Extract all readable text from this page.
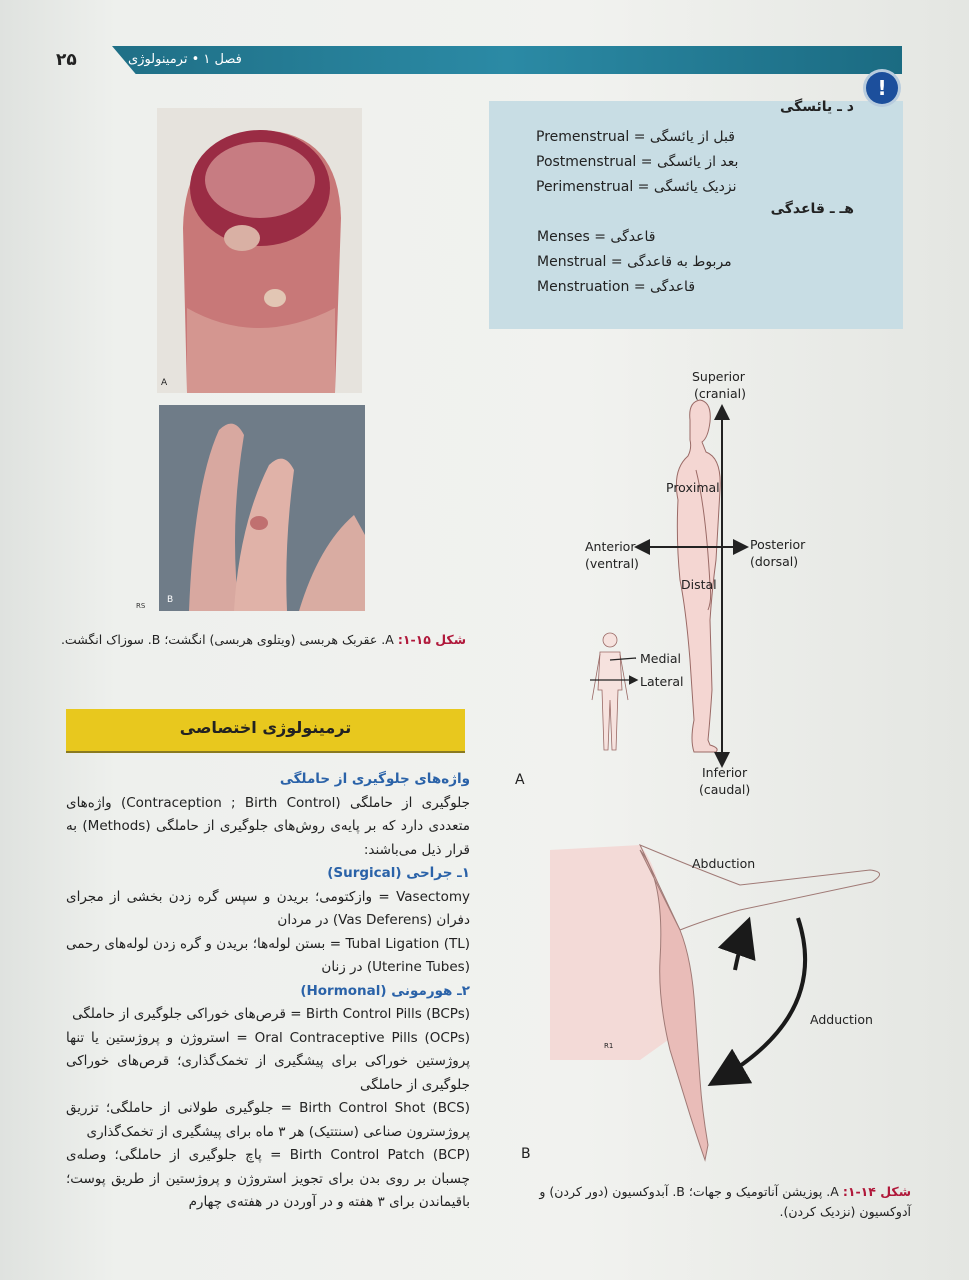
فصل ۱ • ترمینولوژی
۲۵
!
د ـ یائسگی
Premenstrual = قبل از یائسگی
Postmenstrual = بعد از یائسگی
Perimenstrual = نزدیک یائسگی
هـ ـ قاعدگی
Menses = قاعدگی
Menstrual = مربوط به قاعدگی
Menstruation = قاعدگی
A
B
RS
شکل ۱۵-۱: A. عقربک هربسی (ویتلوی هربسی) انگشت؛ B. سوزاک انگشت.
ترمینولوژی اختصاصی

واژه‌های جلوگیری از حاملگی

جلوگیری از حاملگی (Contraception ; Birth Control) واژه‌های متعددی دارد که بر پایه‌ی روش‌های جلوگیری از حاملگی (Methods) به قرار ذیل می‌باشند:

۱ـ جراحی (Surgical)

Vasectomy = وازکتومی؛ بریدن و سپس گره زدن بخشی از مجرای دفران (Vas Deferens) در مردان

Tubal Ligation (TL) = بستن لوله‌ها؛ بریدن و گره زدن لوله‌های رحمی (Uterine Tubes) در زنان

۲ـ هورمونی (Hormonal)

Birth Control Pills (BCPs) = قرص‌های خوراکی جلوگیری از حاملگی

Oral Contraceptive Pills (OCPs) = استروژن و پروژستین یا تنها پروژستین خوراکی برای پیشگیری از تخمک‌گذاری؛ قرص‌های خوراکی جلوگیری از حاملگی

Birth Control Shot (BCS) = جلوگیری طولانی از حاملگی؛ تزریق پروژسترون صناعی (سنتتیک) هر ۳ ماه برای پیشگیری از تخمک‌گذاری

Birth Control Patch (BCP) = پاچ جلوگیری از حاملگی؛ وصله‌ی چسبان بر روی بدن برای تجویز استروژن و پروژستین از طریق پوست؛ باقیماندن برای ۳ هفته و در آوردن در هفته‌ی چهارم

Superior
(cranial)
Proximal
Anterior
(ventral)
Posterior
(dorsal)
Distal
Medial
Lateral
Inferior
(caudal)
A
Abduction
Adduction
R1
B
شکل ۱۴-۱: A. پوزیشن آناتومیک و جهات؛ B. آبدوکسیون (دور کردن) و آدوکسیون (نزدیک کردن).
